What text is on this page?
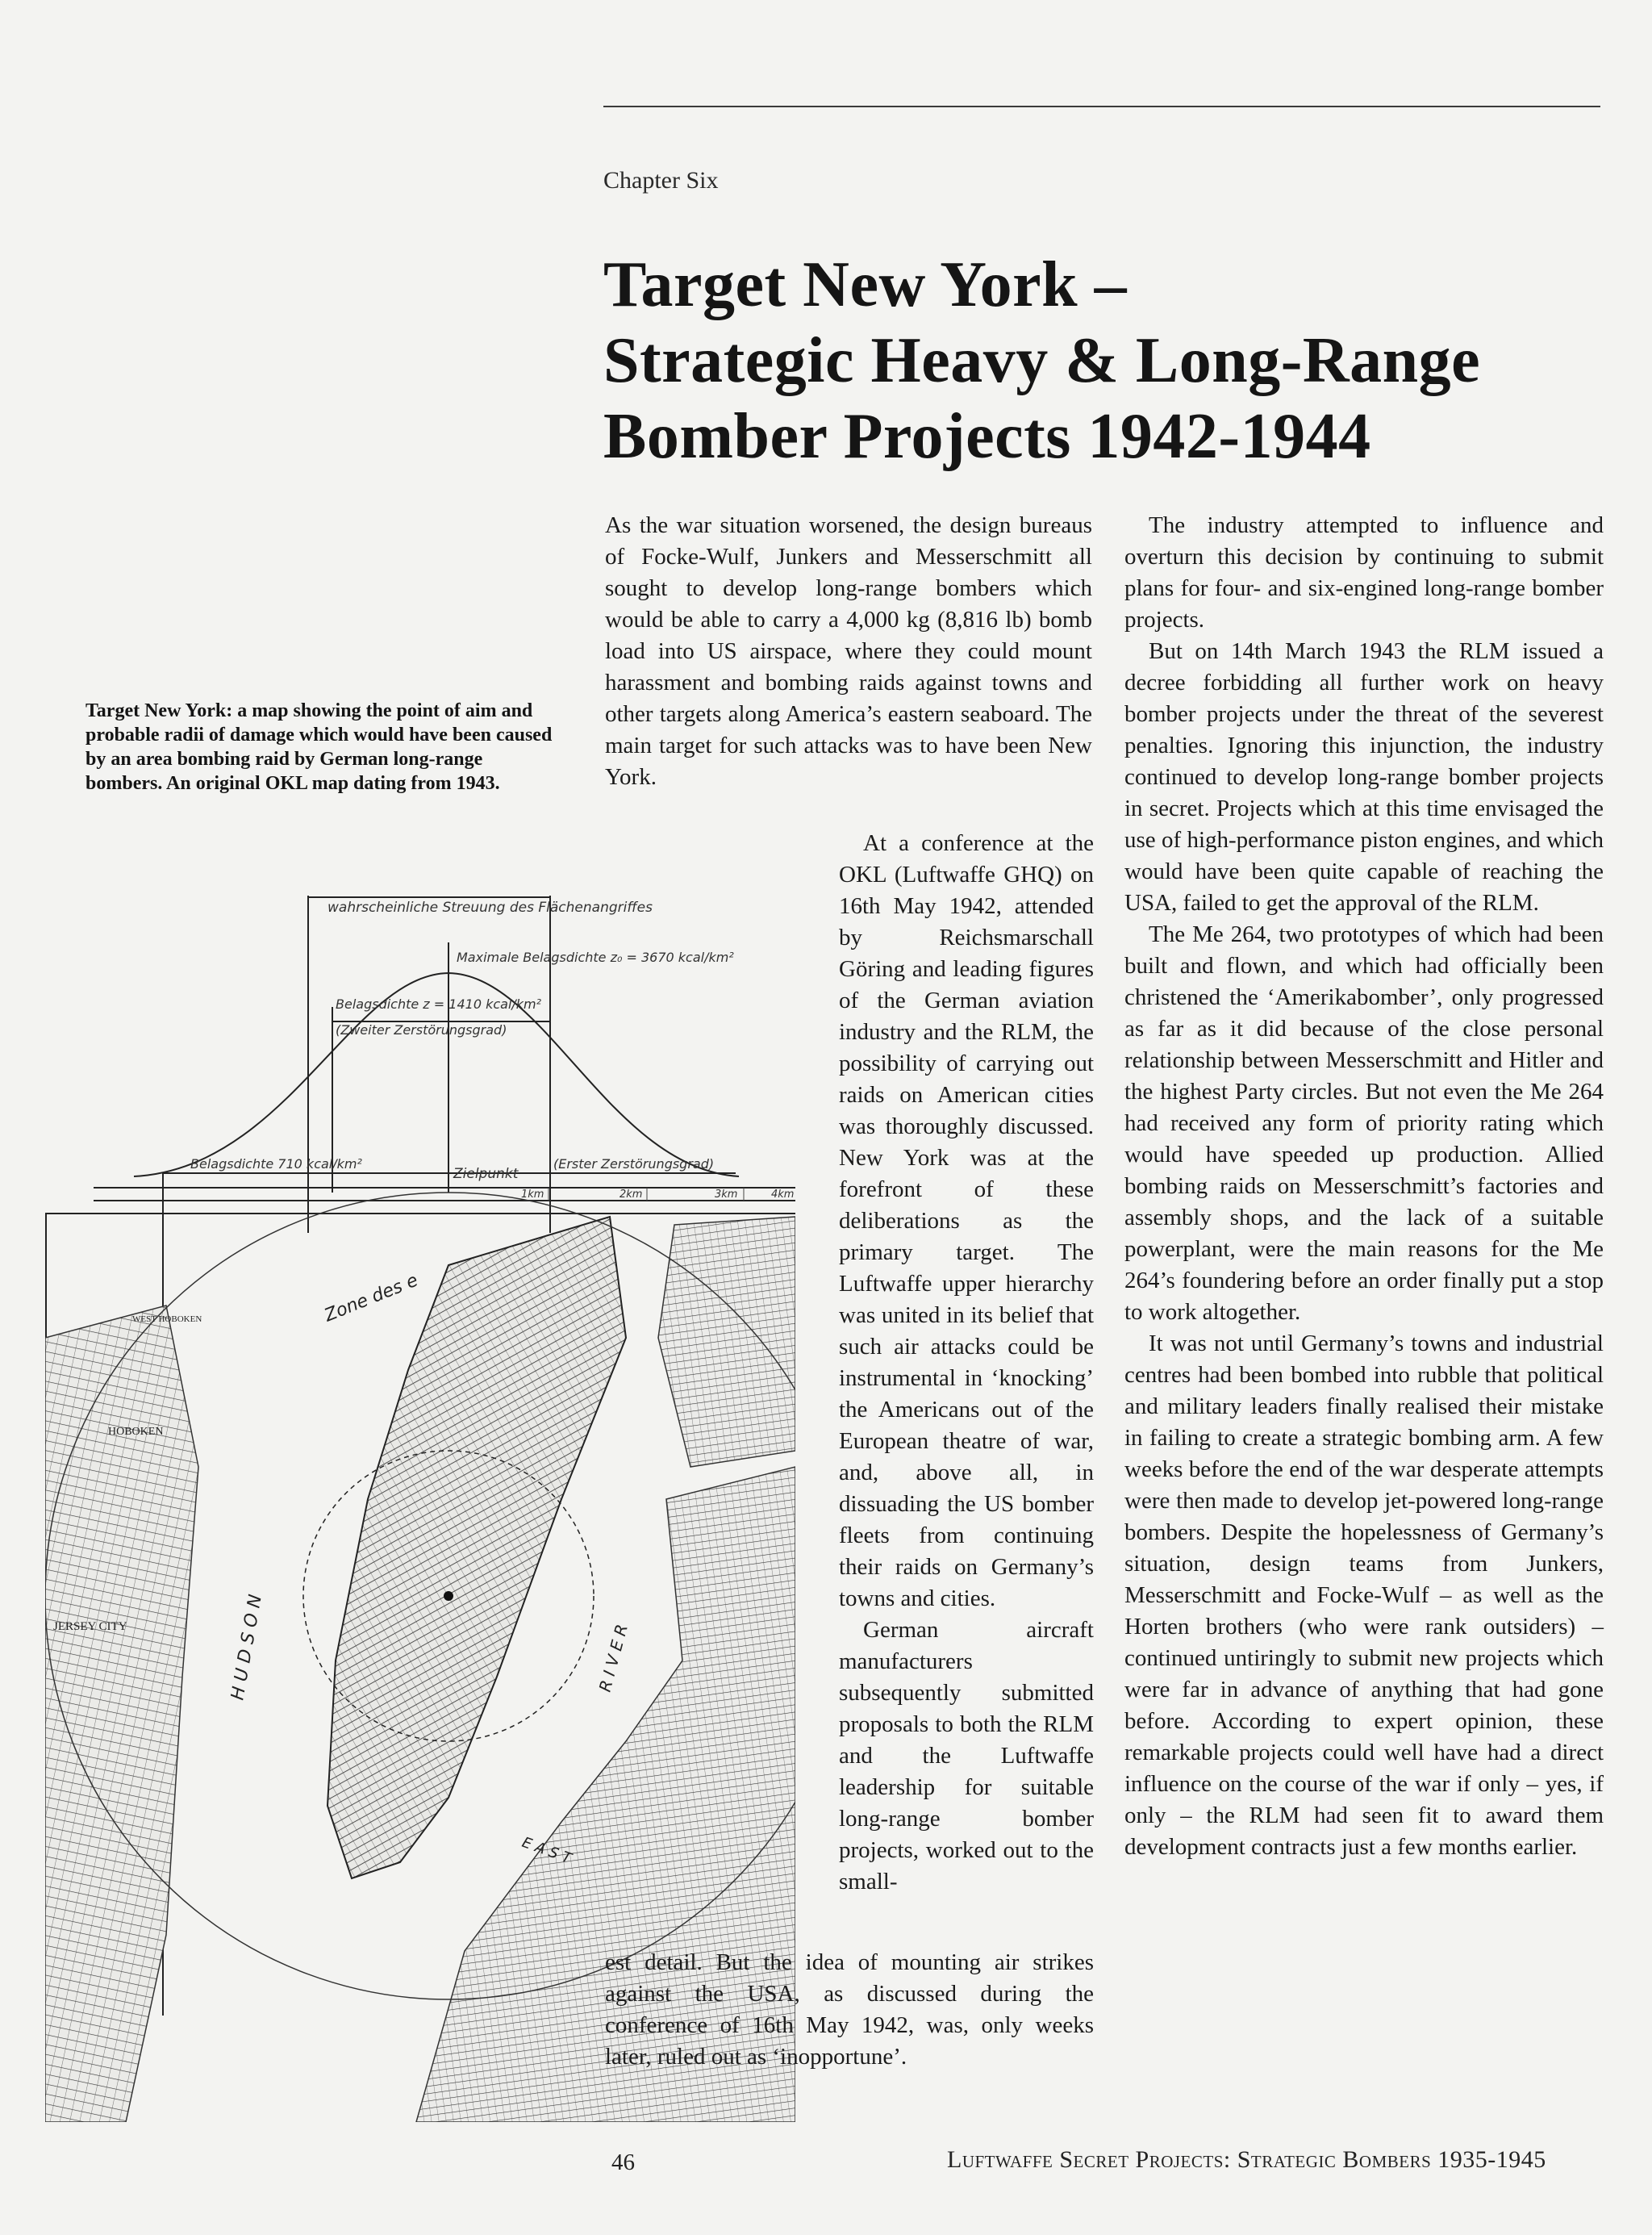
Chapter Six
Target New York –
Strategic Heavy & Long-Range
Bomber Projects 1942-1944
Target New York: a map showing the point of aim and probable radii of damage which would have been caused by an area bombing raid by German long-range bombers. An original OKL map dating from 1943.
wahrscheinliche Streuung des Flächenangriffes
Maximale Belagsdichte z₀ = 3670 kcal/km²
Belagsdichte z = 1410 kcal/km²
(Zweiter Zerstörungsgrad)
Belagsdichte 710 kcal/km²
Zielpunkt
(Erster Zerstörungsgrad)
1km	2km	3km	4km
Zone des e
WEST HOBOKEN
HOBOKEN
JERSEY CITY	H U D S O N	R I V E R
E A S T

As the war situation worsened, the design bureaus of Focke-Wulf, Junkers and Messerschmitt all sought to develop long-range bombers which would be able to carry a 4,000 kg (8,816 lb) bomb load into US airspace, where they could mount harassment and bombing raids against towns and other targets along America’s eastern seaboard. The main target for such attacks was to have been New York.

At a conference at the OKL (Luftwaffe GHQ) on 16th May 1942, attended by Reichsmarschall Göring and leading figures of the German aviation industry and the RLM, the possibility of carrying out raids on American cities was thoroughly discussed. New York was at the forefront of these deliberations as the primary target. The Luftwaffe upper hierarchy was united in its belief that such air attacks could be instrumental in ‘knocking’ the Americans out of the European theatre of war, and, above all, in dissuading the US bomber fleets from continuing their raids on Germany’s towns and cities.

German aircraft manufacturers subsequently submitted proposals to both the RLM and the Luftwaffe leadership for suitable long-range bomber projects, worked out to the small-

est detail. But the idea of mounting air strikes against the USA, as discussed during the conference of 16th May 1942, was, only weeks later, ruled out as ‘inopportune’.

The industry attempted to influence and overturn this decision by continuing to submit plans for four- and six-engined long-range bomber projects.

But on 14th March 1943 the RLM issued a decree forbidding all further work on heavy bomber projects under the threat of the severest penalties. Ignoring this injunction, the industry continued to develop long-range bomber projects in secret. Projects which at this time envisaged the use of high-performance piston engines, and which would have been quite capable of reaching the USA, failed to get the approval of the RLM.

The Me 264, two prototypes of which had been built and flown, and which had officially been christened the ‘Amerikabomber’, only progressed as far as it did because of the close personal relationship between Messerschmitt and Hitler and the highest Party circles. But not even the Me 264 had received any form of priority rating which would have speeded up production. Allied bombing raids on Messerschmitt’s factories and assembly shops, and the lack of a suitable powerplant, were the main reasons for the Me 264’s foundering before an order finally put a stop to work altogether.

It was not until Germany’s towns and industrial centres had been bombed into rubble that political and military leaders finally realised their mistake in failing to create a strategic bombing arm. A few weeks before the end of the war desperate attempts were then made to develop jet-powered long-range bombers. Despite the hopelessness of Germany’s situation, design teams from Junkers, Messerschmitt and Focke-Wulf – as well as the Horten brothers (who were rank outsiders) – continued untiringly to submit new projects which were far in advance of anything that had gone before. According to expert opinion, these remarkable projects could well have had a direct influence on the course of the war if only – yes, if only – the RLM had seen fit to award them development contracts just a few months earlier.

46	Luftwaffe Secret Projects: Strategic Bombers 1935-1945
